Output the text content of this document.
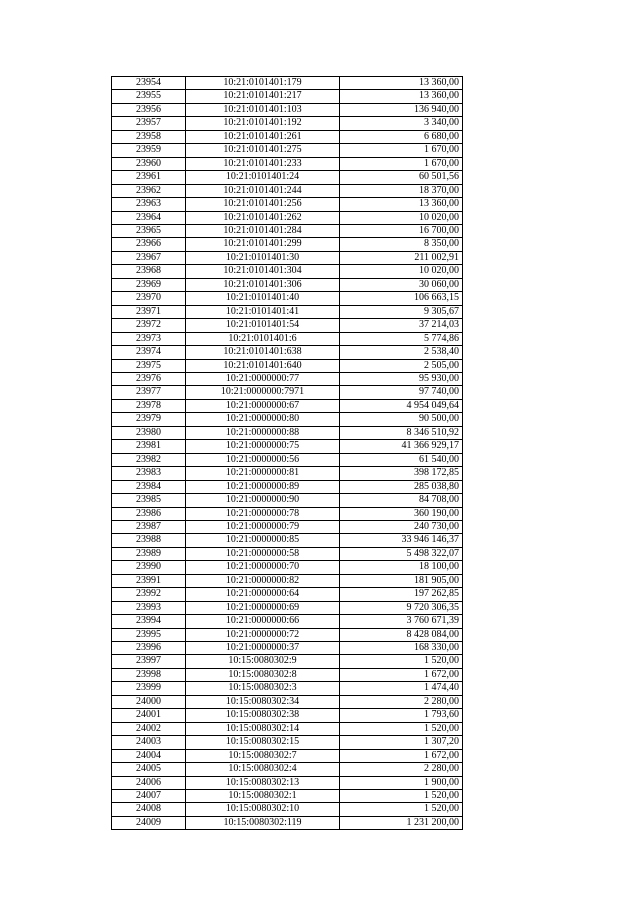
23954	10:21:0101401:179	13 360,00
23955	10:21:0101401:217	13 360,00
23956	10:21:0101401:103	136 940,00
23957	10:21:0101401:192	3 340,00
23958	10:21:0101401:261	6 680,00
23959	10:21:0101401:275	1 670,00
23960	10:21:0101401:233	1 670,00
23961	10:21:0101401:24	60 501,56
23962	10:21:0101401:244	18 370,00
23963	10:21:0101401:256	13 360,00
23964	10:21:0101401:262	10 020,00
23965	10:21:0101401:284	16 700,00
23966	10:21:0101401:299	8 350,00
23967	10:21:0101401:30	211 002,91
23968	10:21:0101401:304	10 020,00
23969	10:21:0101401:306	30 060,00
23970	10:21:0101401:40	106 663,15
23971	10:21:0101401:41	9 305,67
23972	10:21:0101401:54	37 214,03
23973	10:21:0101401:6	5 774,86
23974	10:21:0101401:638	2 538,40
23975	10:21:0101401:640	2 505,00
23976	10:21:0000000:77	95 930,00
23977	10:21:0000000:7971	97 740,00
23978	10:21:0000000:67	4 954 049,64
23979	10:21:0000000:80	90 500,00
23980	10:21:0000000:88	8 346 510,92
23981	10:21:0000000:75	41 366 929,17
23982	10:21:0000000:56	61 540,00
23983	10:21:0000000:81	398 172,85
23984	10:21:0000000:89	285 038,80
23985	10:21:0000000:90	84 708,00
23986	10:21:0000000:78	360 190,00
23987	10:21:0000000:79	240 730,00
23988	10:21:0000000:85	33 946 146,37
23989	10:21:0000000:58	5 498 322,07
23990	10:21:0000000:70	18 100,00
23991	10:21:0000000:82	181 905,00
23992	10:21:0000000:64	197 262,85
23993	10:21:0000000:69	9 720 306,35
23994	10:21:0000000:66	3 760 671,39
23995	10:21:0000000:72	8 428 084,00
23996	10:21:0000000:37	168 330,00
23997	10:15:0080302:9	1 520,00
23998	10:15:0080302:8	1 672,00
23999	10:15:0080302:3	1 474,40
24000	10:15:0080302:34	2 280,00
24001	10:15:0080302:38	1 793,60
24002	10:15:0080302:14	1 520,00
24003	10:15:0080302:15	1 307,20
24004	10:15:0080302:7	1 672,00
24005	10:15:0080302:4	2 280,00
24006	10:15:0080302:13	1 900,00
24007	10:15:0080302:1	1 520,00
24008	10:15:0080302:10	1 520,00
24009	10:15:0080302:119	1 231 200,00
